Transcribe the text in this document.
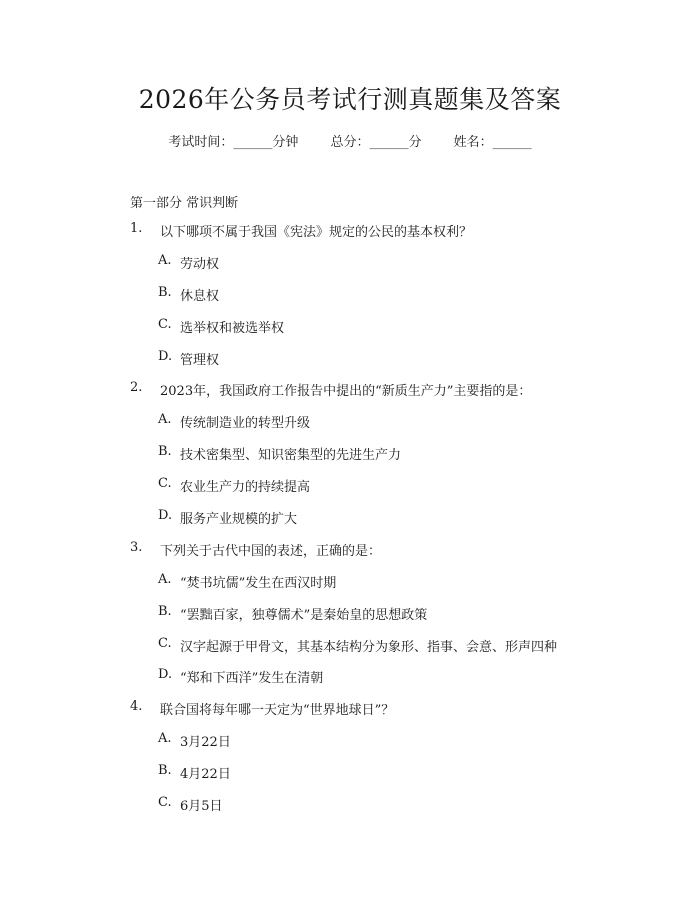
2026年公务员考试行测真题集及答案
考试时间：______分钟 总分：______分 姓名：______
第一部分 常识判断
1.	以下哪项不属于我国《宪法》规定的公民的基本权利？
A. 劳动权
B. 休息权
C. 选举权和被选举权
D. 管理权
2.	2023年，我国政府工作报告中提出的“新质生产力”主要指的是：
A. 传统制造业的转型升级
B. 技术密集型、知识密集型的先进生产力
C. 农业生产力的持续提高
D. 服务产业规模的扩大
3.	下列关于古代中国的表述，正确的是：
A. “焚书坑儒”发生在西汉时期
B. “罢黜百家，独尊儒术”是秦始皇的思想政策
C. 汉字起源于甲骨文，其基本结构分为象形、指事、会意、形声四种
D. “郑和下西洋”发生在清朝
4.	联合国将每年哪一天定为“世界地球日”？
A. 3月22日
B. 4月22日
C. 6月5日
